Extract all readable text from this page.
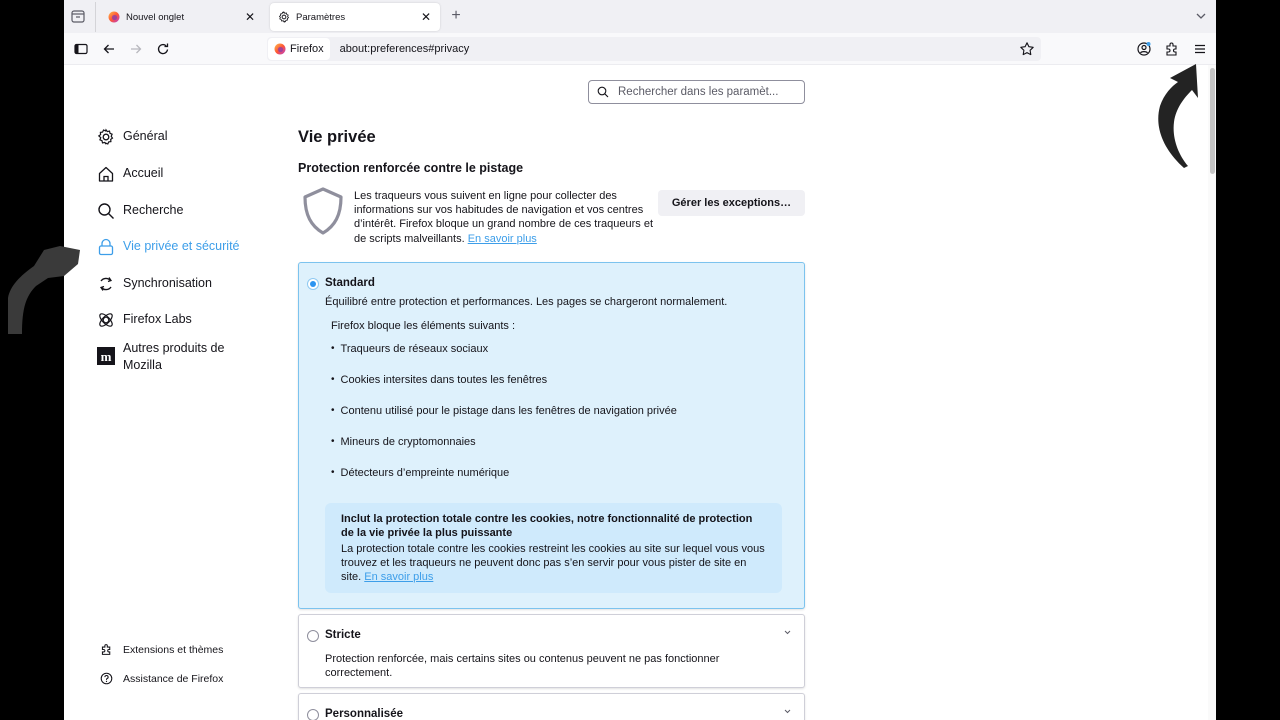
Nouvel onglet	✕	Paramètres	✕ +
Firefox about:preferences#privacy
Rechercher dans les paramèt...
Général
Accueil
Recherche
Vie privée et sécurité
Synchronisation
Firefox Labs
m
Autres produits de Mozilla
Extensions et thèmes
Assistance de Firefox
Vie privée
Protection renforcée contre le pistage
Les traqueurs vous suivent en ligne pour collecter des informations sur vos habitudes de navigation et vos centres d’intérêt. Firefox bloque un grand nombre de ces traqueurs et de scripts malveillants. En savoir plus
Gérer les exceptions…
Standard
Équilibré entre protection et performances. Les pages se chargeront normalement.
Firefox bloque les éléments suivants :
• Traqueurs de réseaux sociaux
• Cookies intersites dans toutes les fenêtres
• Contenu utilisé pour le pistage dans les fenêtres de navigation privée
• Mineurs de cryptomonnaies
• Détecteurs d’empreinte numérique
Inclut la protection totale contre les cookies, notre fonctionnalité de protection de la vie privée la plus puissante
La protection totale contre les cookies restreint les cookies au site sur lequel vous vous trouvez et les traqueurs ne peuvent donc pas s’en servir pour vous pister de site en site. En savoir plus
Stricte
Protection renforcée, mais certains sites ou contenus peuvent ne pas fonctionner correctement.
Personnalisée
